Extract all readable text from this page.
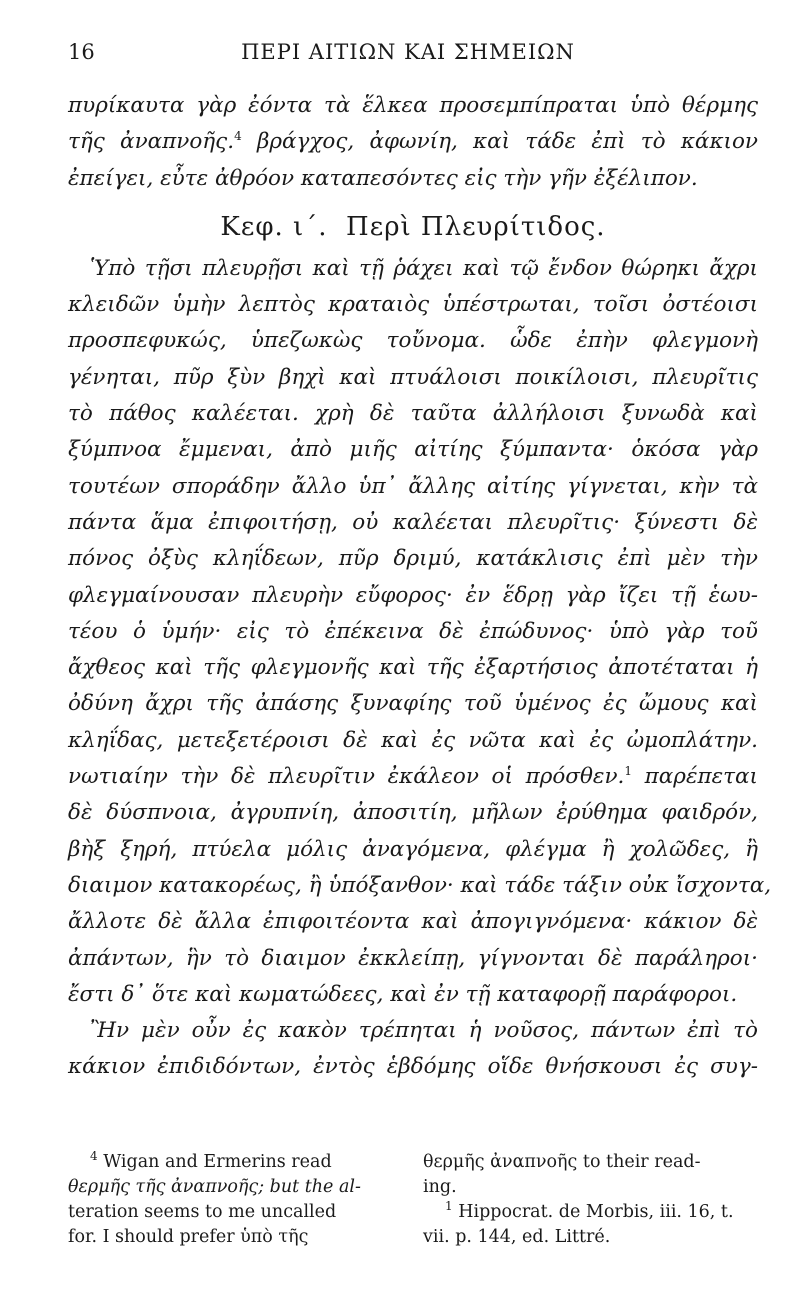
16	ΠΕΡΙ ΑΙΤΙΩΝ ΚΑΙ ΣΗΜΕΙΩΝ
πυρίκαυτα γὰρ ἐόντα τὰ ἕλκεα προσεμπίπραται ὑπὸ θέρμης
τῆς ἀναπνοῆς.$^4$ βράγχος, ἀφωνίη, καὶ τάδε ἐπὶ τὸ κάκιον
ἐπείγει, εὖτε ἀθρόον καταπεσόντες εἰς τὴν γῆν ἐξέλιπον.
Κεφ. ι΄. Περὶ Πλευρίτιδος.
Ὑπὸ τῇσι πλευρῇσι καὶ τῇ ῥάχει καὶ τῷ ἔνδον θώρηκι ἄχρι
κλειδῶν ὑμὴν λεπτὸς κραταιὸς ὑπέστρωται, τοῖσι ὀστέοισι
προσπεφυκώς, ὑπεζωκὼς τοὔνομα. ὧδε ἐπὴν φλεγμονὴ
γένηται, πῦρ ξὺν βηχὶ καὶ πτυάλοισι ποικίλοισι, πλευρῖτις
τὸ πάθος καλέεται. χρὴ δὲ ταῦτα ἀλλήλοισι ξυνωδὰ καὶ
ξύμπνοα ἔμμεναι, ἀπὸ μιῆς αἰτίης ξύμπαντα· ὁκόσα γὰρ
τουτέων σποράδην ἄλλο ὑπ᾽ ἄλλης αἰτίης γίγνεται, κὴν τὰ
πάντα ἅμα ἐπιφοιτήσῃ, οὐ καλέεται πλευρῖτις· ξύνεστι δὲ
πόνος ὀξὺς κληΐδεων, πῦρ δριμύ, κατάκλισις ἐπὶ μὲν τὴν
φλεγμαίνουσαν πλευρὴν εὔφορος· ἐν ἕδρῃ γὰρ ἴζει τῇ ἑωυ-
τέου ὁ ὑμήν· εἰς τὸ ἐπέκεινα δὲ ἐπώδυνος· ὑπὸ γὰρ τοῦ
ἄχθεος καὶ τῆς φλεγμονῆς καὶ τῆς ἐξαρτήσιος ἀποτέταται ἡ
ὀδύνη ἄχρι τῆς ἀπάσης ξυναφίης τοῦ ὑμένος ἐς ὤμους καὶ
κληΐδας, μετεξετέροισι δὲ καὶ ἐς νῶτα καὶ ἐς ὠμοπλάτην.
νωτιαίην τὴν δὲ πλευρῖτιν ἐκάλεον οἱ πρόσθεν.$^1$ παρέπεται
δὲ δύσπνοια, ἀγρυπνίη, ἀποσιτίη, μῆλων ἐρύθημα φαιδρόν,
βὴξ ξηρή, πτύελα μόλις ἀναγόμενα, φλέγμα ἢ χολῶδες, ἢ
διαιμον κατακορέως, ἢ ὑπόξανθον· καὶ τάδε τάξιν οὐκ ἴσχοντα,
ἄλλοτε δὲ ἄλλα ἐπιφοιτέοντα καὶ ἀπογιγνόμενα· κάκιον δὲ
ἀπάντων, ἣν τὸ διαιμον ἐκκλείπῃ, γίγνονται δὲ παράληροι·
ἔστι δ᾽ ὅτε καὶ κωματώδεες, καὶ ἐν τῇ καταφορῇ παράφοροι.
Ἢν μὲν οὖν ἐς κακὸν τρέπηται ἡ νοῦσος, πάντων ἐπὶ τὸ
κάκιον ἐπιδιδόντων, ἐντὸς ἑβδόμης οἵδε θνήσκουσι ἐς συγ-
$^4$ Wigan and Ermerins read
θερμῆς τῆς ἀναπνοῆς; but the al-
teration seems to me uncalled
for. I should prefer ὑπὸ τῆς
θερμῆς ἀναπνοῆς to their read-
ing.
$^1$ Hippocrat. de Morbis, iii. 16, t.
vii. p. 144, ed. Littré.
